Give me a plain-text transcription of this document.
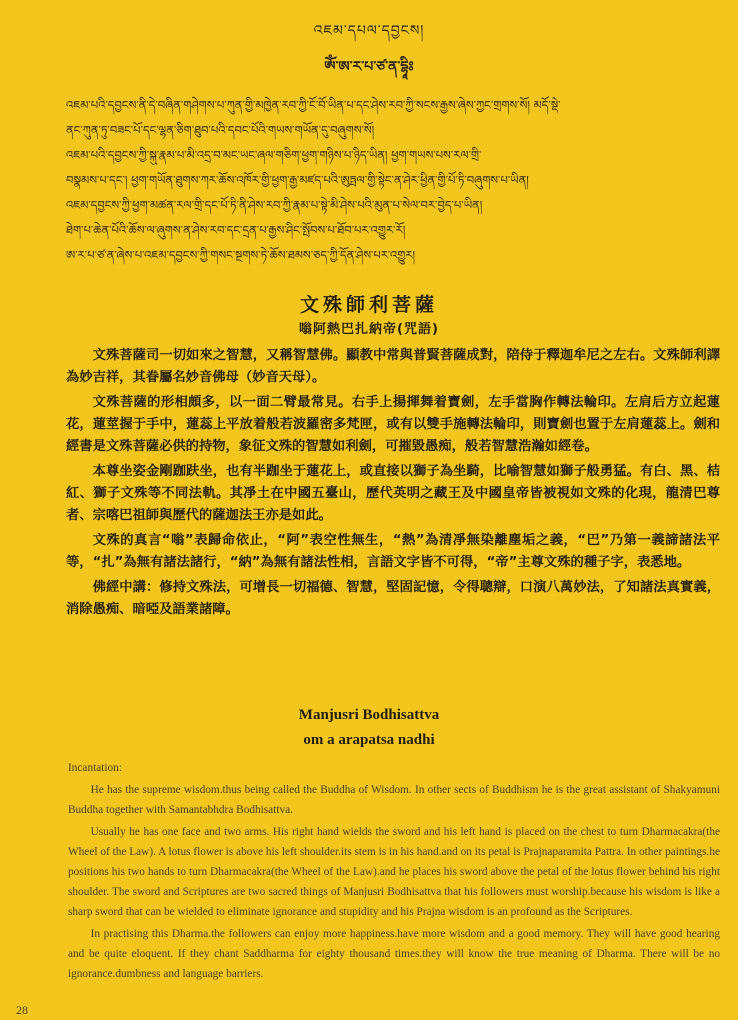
འཇམ་དཔལ་དབྱངས།
ཨོཾ་ཨ་ར་པ་ཙ་ན་དྷཱིཿ

འཇམ་པའི་དབྱངས་ནི་དེ་བཞིན་གཤེགས་པ་ཀུན་གྱི་མཁྱེན་རབ་ཀྱི་ངོ་བོ་ཡིན་པ་དང་ཤེས་རབ་ཀྱི་སངས་རྒྱས་ཞེས་ཀྱང་གྲགས་སོ། མདོ་སྡེ་

ནང་ཀུན་ཏུ་བཟང་པོ་དང་ལྷན་ཅིག་ཐུབ་པའི་དབང་པོའི་གཡས་གཡོན་དུ་བཞུགས་སོ།

འཇམ་པའི་དབྱངས་ཀྱི་སྐུ་རྣམ་པ་མི་འདྲ་བ་མང་ཡང་ཞལ་གཅིག་ཕྱག་གཉིས་པ་ཉིད་ཡིན། ཕྱག་གཡས་པས་རལ་གྲི་

བསྣམས་པ་དང་། ཕྱག་གཡོན་ཐུགས་ཀར་ཆོས་འཁོར་གྱི་ཕྱག་རྒྱ་མཛད་པའི་ཨུཏྤལ་གྱི་སྟེང་ན་ཤེར་ཕྱིན་གྱི་པོ་ཏི་བཞུགས་པ་ཡིན།

འཇམ་དབྱངས་ཀྱི་ཕྱག་མཚན་རལ་གྲི་དང་པོ་ཏི་ནི་ཤེས་རབ་ཀྱི་རྣམ་པ་སྟེ་མི་ཤེས་པའི་མུན་པ་སེལ་བར་བྱེད་པ་ཡིན།

ཐེག་པ་ཆེན་པོའི་ཆོས་ལ་ཞུགས་ན་ཤེས་རབ་དང་དྲན་པ་རྒྱས་ཤིང་སྤོབས་པ་ཐོབ་པར་འགྱུར་རོ།

ཨ་ར་པ་ཙ་ན་ཞེས་པ་འཇམ་དབྱངས་ཀྱི་གསང་སྔགས་ཏེ་ཆོས་ཐམས་ཅད་ཀྱི་དོན་ཤེས་པར་འགྱུར།

文殊師利菩薩
嗡阿熱巴扎納帝(咒語)

文殊菩薩司一切如來之智慧，又稱智慧佛。顯教中常與普賢菩薩成對，陪侍于釋迦牟尼之左右。文殊師利譯為妙吉祥，其眷屬名妙音佛母（妙音天母）。

文殊菩薩的形相頗多，以一面二臂最常見。右手上揚揮舞着寶劍，左手當胸作轉法輪印。左肩后方立起蓮花，蓮莖握于手中，蓮蕊上平放着般若波羅密多梵匣，或有以雙手施轉法輪印，則寶劍也置于左肩蓮蕊上。劍和經書是文殊菩薩必供的持物，象征文殊的智慧如利劍，可摧毀愚痴，般若智慧浩瀚如經卷。

本尊坐姿金剛跏趺坐，也有半跏坐于蓮花上，或直接以獅子為坐騎，比喻智慧如獅子般勇猛。有白、黑、桔紅、獅子文殊等不同法軌。其凈土在中國五臺山，歷代英明之藏王及中國皇帝皆被視如文殊的化現，龍清巴尊者、宗喀巴祖師與歷代的薩迦法王亦是如此。

文殊的真言“嗡”表歸命依止，“阿”表空性無生，“熱”為清凈無染離塵垢之義，“巴”乃第一義諦諸法平等，“扎”為無有諸法諸行，“納”為無有諸法性相，言語文字皆不可得，“帝”主尊文殊的種子字，表悉地。

佛經中講：修持文殊法，可增長一切福德、智慧，堅固記憶，令得聰辯，口演八萬妙法，了知諸法真實義，消除愚痴、暗啞及語業諸障。

Manjusri Bodhisattva
om a arapatsa nadhi

Incantation:

He has the supreme wisdom.thus being called the Buddha of Wisdom. In other sects of Buddhism he is the great assistant of Shakyamuni Buddha together with Samantabhdra Bodhisattva.

Usually he has one face and two arms. His right hand wields the sword and his left hand is placed on the chest to turn Dharmacakra(the Wheel of the Law). A lotus flower is above his left shoulder.its stem is in his hand.and on its petal is Prajnaparamita Pattra. In other paintings.he positions his two hands to turn Dharmacakra(the Wheel of the Law).and he places his sword above the petal of the lotus flower behind his right shoulder. The sword and Scriptures are two sacred things of Manjusri Bodhisattva that his followers must worship.because his wisdom is like a sharp sword that can be wielded to eliminate ignorance and stupidity and his Prajna wisdom is an profound as the Scriptures.

In practising this Dharma.the followers can enjoy more happiness.have more wisdom and a good memory. They will have good hearing and be quite eloquent. If they chant Saddharma for eighty thousand times.they will know the true meaning of Dharma. There will be no ignorance.dumbness and language barriers.

28
